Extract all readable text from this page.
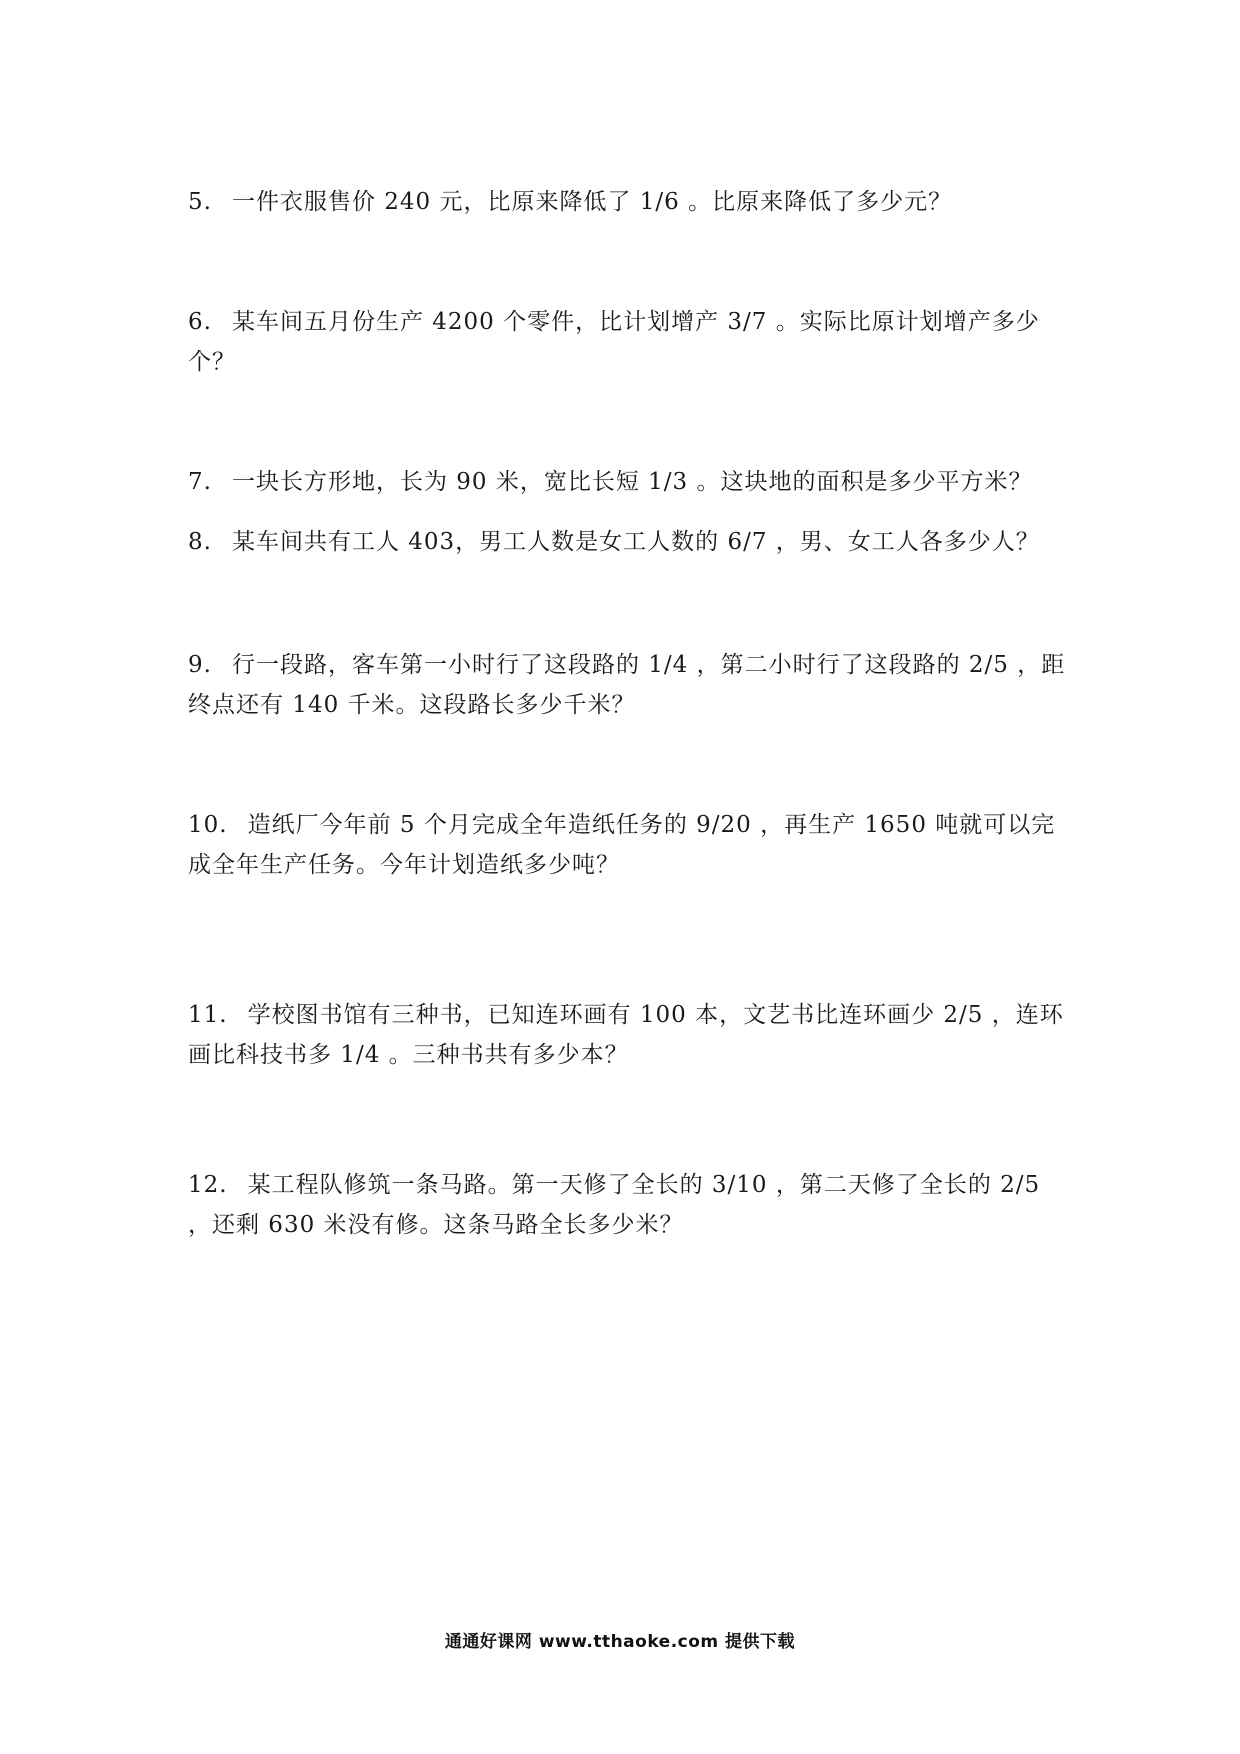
5. 一件衣服售价 240 元，比原来降低了 1/6 。比原来降低了多少元？

6. 某车间五月份生产 4200 个零件，比计划增产 3/7 。实际比原计划增产多少个？

7. 一块长方形地，长为 90 米，宽比长短 1/3 。这块地的面积是多少平方米？

8. 某车间共有工人 403，男工人数是女工人数的 6/7 ，男、女工人各多少人？

9. 行一段路，客车第一小时行了这段路的 1/4 ，第二小时行了这段路的 2/5 ，距终点还有 140 千米。这段路长多少千米？

10. 造纸厂今年前 5 个月完成全年造纸任务的 9/20 ，再生产 1650 吨就可以完成全年生产任务。今年计划造纸多少吨？

11. 学校图书馆有三种书，已知连环画有 100 本，文艺书比连环画少 2/5 ，连环画比科技书多 1/4 。三种书共有多少本？

12. 某工程队修筑一条马路。第一天修了全长的 3/10 ，第二天修了全长的 2/5 ，还剩 630 米没有修。这条马路全长多少米？

通通好课网 www.tthaoke.com 提供下载
